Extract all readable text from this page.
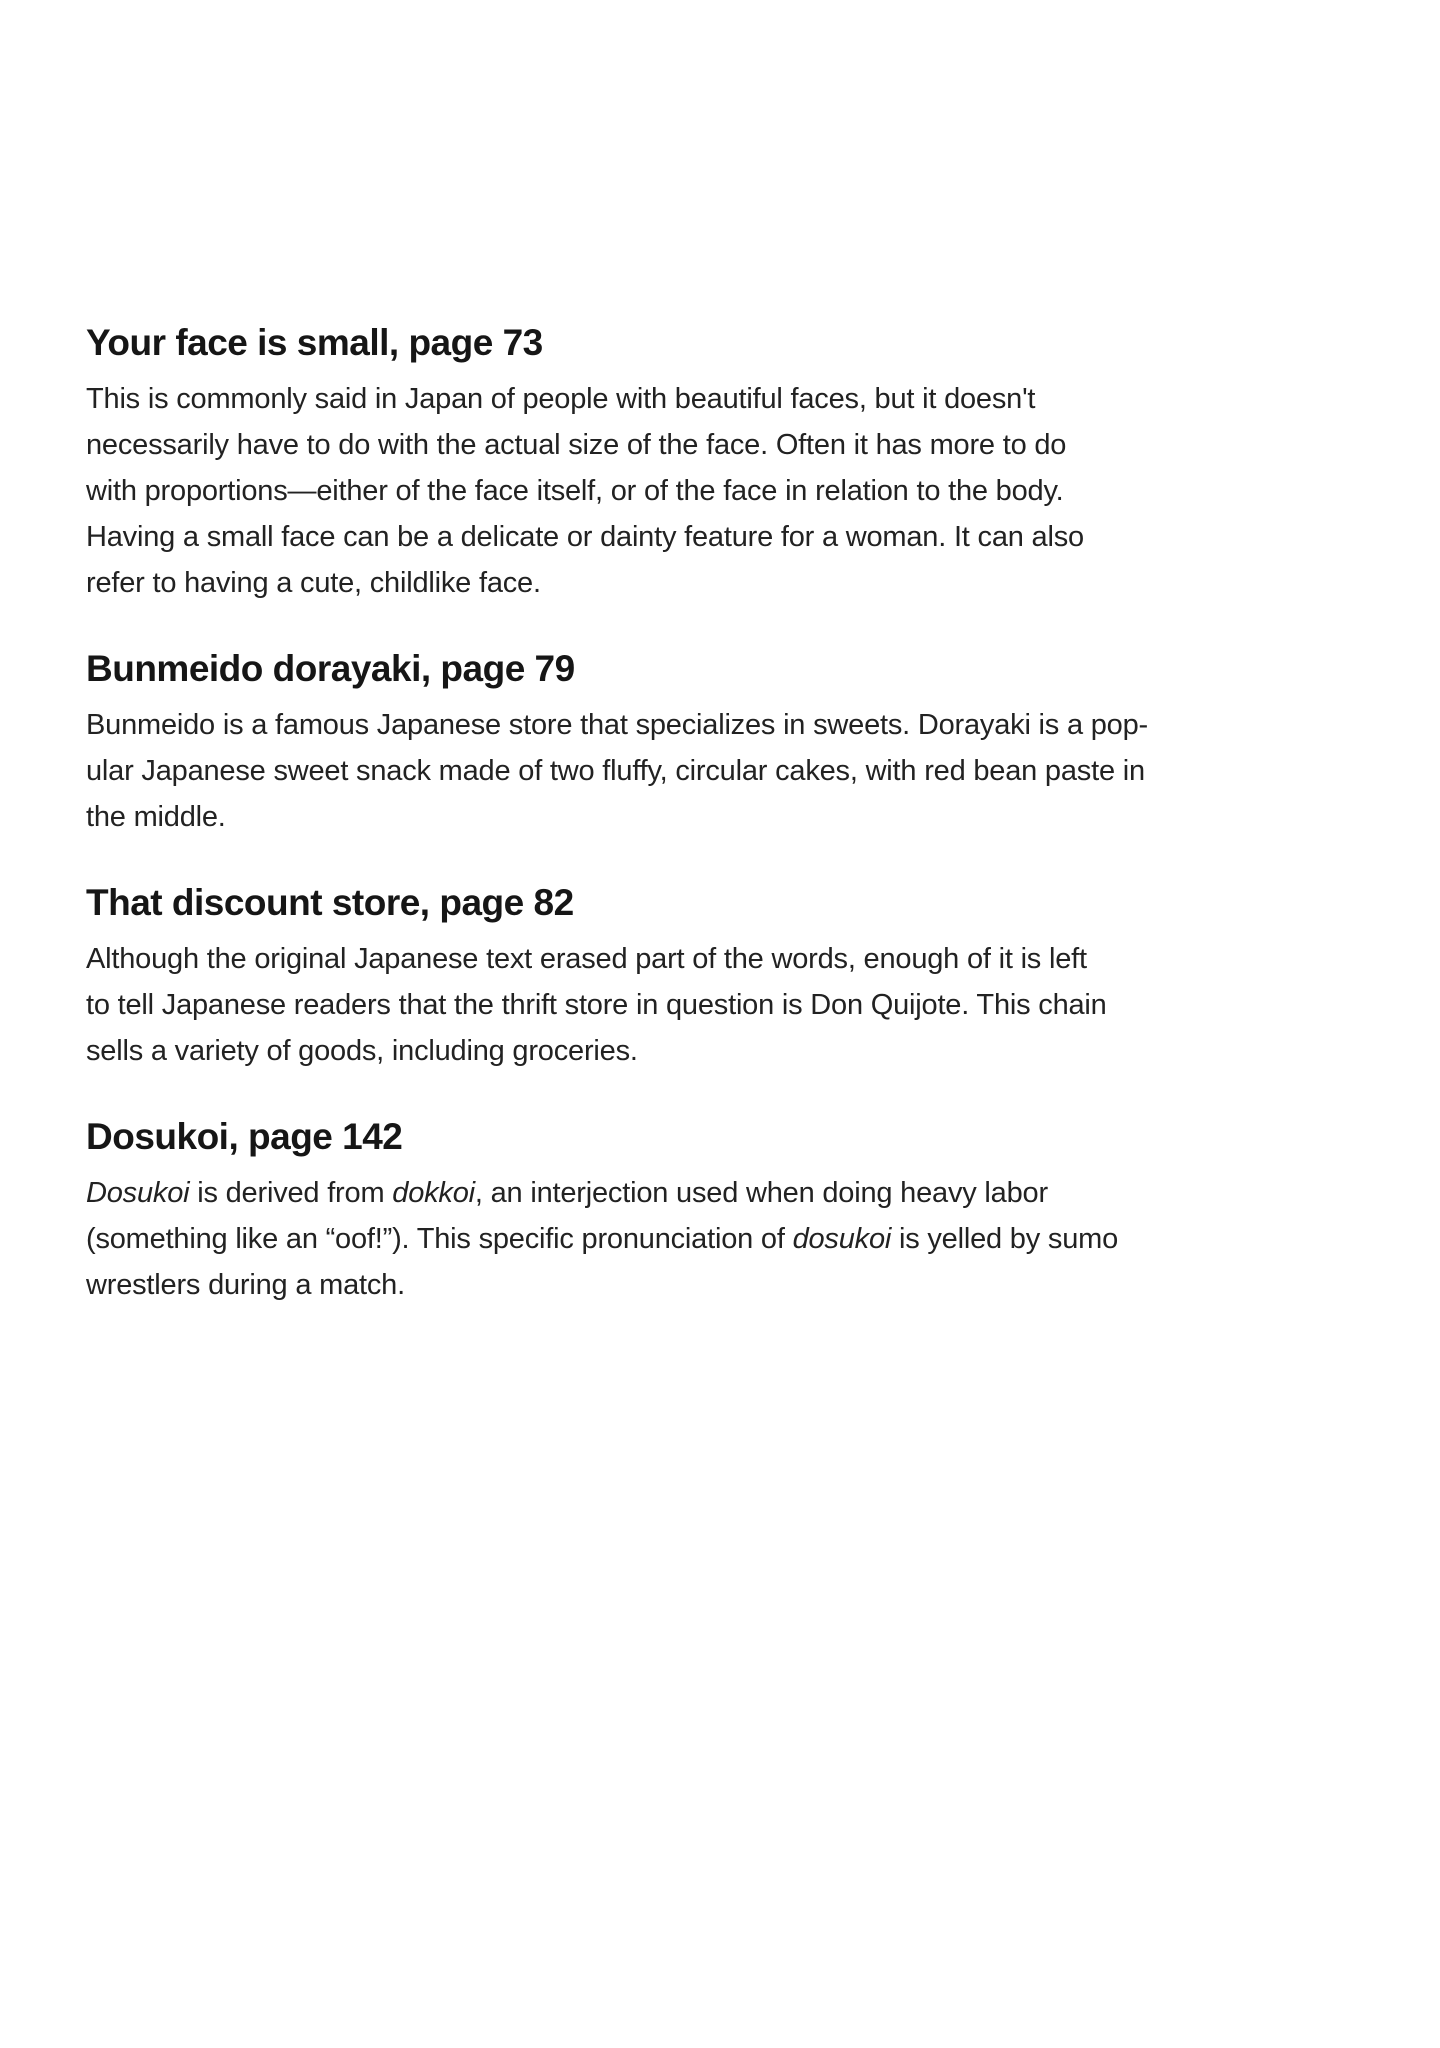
Your face is small, page 73

This is commonly said in Japan of people with beautiful faces, but it doesn't
necessarily have to do with the actual size of the face. Often it has more to do
with proportions—either of the face itself, or of the face in relation to the body.
Having a small face can be a delicate or dainty feature for a woman. It can also
refer to having a cute, childlike face.

Bunmeido dorayaki, page 79

Bunmeido is a famous Japanese store that specializes in sweets. Dorayaki is a pop-
ular Japanese sweet snack made of two fluffy, circular cakes, with red bean paste in
the middle.

That discount store, page 82

Although the original Japanese text erased part of the words, enough of it is left
to tell Japanese readers that the thrift store in question is Don Quijote. This chain
sells a variety of goods, including groceries.

Dosukoi, page 142

Dosukoi is derived from dokkoi, an interjection used when doing heavy labor
(something like an “oof!”). This specific pronunciation of dosukoi is yelled by sumo
wrestlers during a match.
